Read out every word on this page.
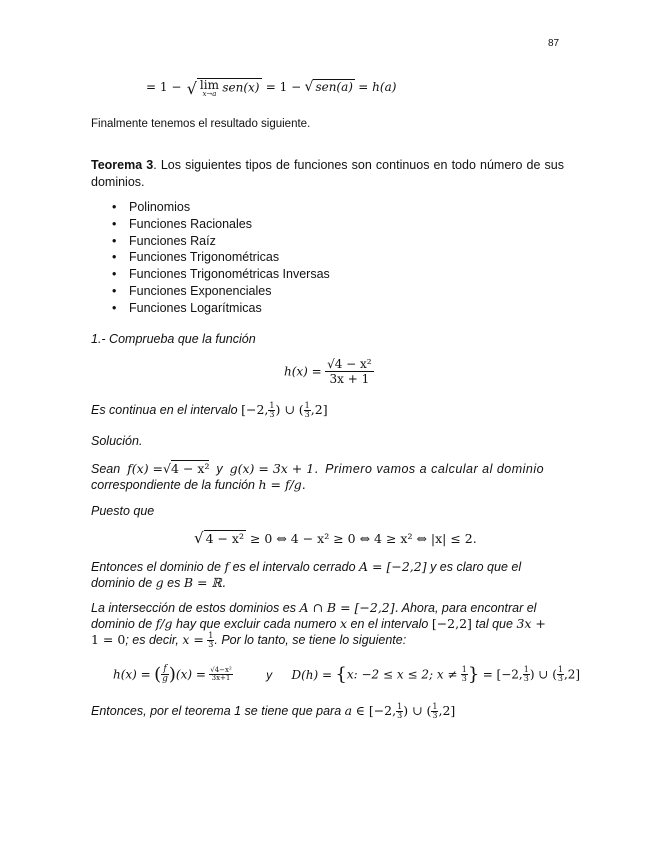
87
= 1 − √ lim
x→a sen(x) = 1 − √ sen(a) = h(a)
Finalmente tenemos el resultado siguiente.
Teorema 3. Los siguientes tipos de funciones son continuos en todo número de sus dominios.
• Polinomios
• Funciones Racionales
• Funciones Raíz
• Funciones Trigonométricas
• Funciones Trigonométricas Inversas
• Funciones Exponenciales
• Funciones Logarítmicas
1.- Comprueba que la función
$h(x) = \frac{\text{√4 − x²}}{3x + 1}$
Es continua en el intervalo [−2, $\frac{1}{3}$ ) ∪ ( $\frac{1}{3} ,2$]
Solución.
Sean f(x) =√4 − x² y g(x) = 3x + 1. Primero vamos a calcular al dominio
correspondiente de la función h = f/g.
Puesto que
√ 4 − x² ≥ 0 ⇔ 4 − x² ≥ 0 ⇔ 4 ≥ x² ⇔ |x| ≤ 2.
Entonces el dominio de f es el intervalo cerrado A = [−2,2] y es claro que el
dominio de g es B = ℝ.
La intersección de estos dominios es A ∩ B = [−2,2]. Ahora, para encontrar el
dominio de f/g hay que excluir cada numero x en el intervalo [−2,2] tal que 3x +
1 = 0; es decir, $x = \frac{1}{3}$ . Por lo tanto, se tiene lo siguiente:
h(x) = ( $\frac{f}{g} )(x) = \frac{\text{√4−x²}}{3x+1}$	y D(h) = {x: −2 ≤ x ≤ 2; $x \ne \frac{1}{3}$ } = [−2, $\frac{1}{3}$ ) ∪ ( $\frac{1}{3} ,2$]
Entonces, por el teorema 1 se tiene que para a ∈ [−2, $\frac{1}{3}$ ) ∪ ( $\frac{1}{3} ,2$]
